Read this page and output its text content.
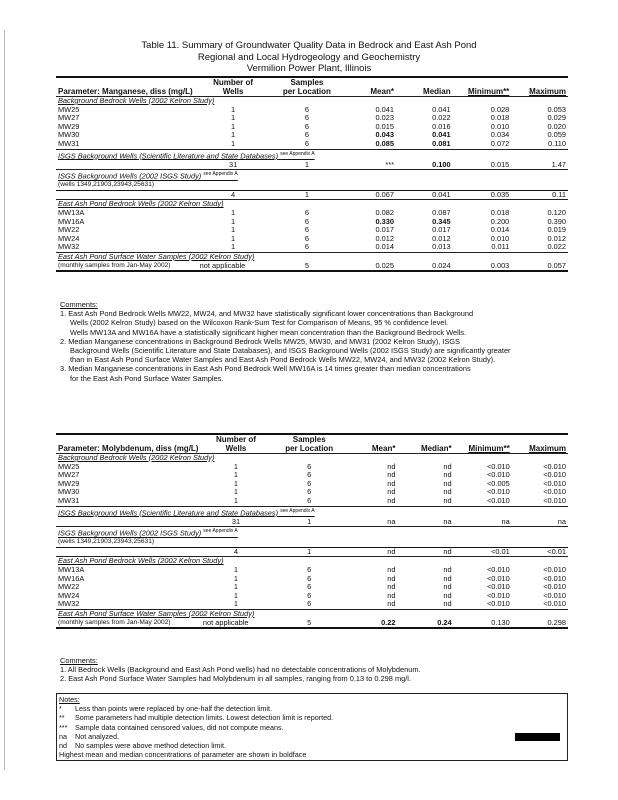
Table 11. Summary of Groundwater Quality Data in Bedrock and East Ash Pond
Regional and Local Hydrogeology and Geochemistry
Vermilion Power Plant, Illinois
	Number of	Samples				
Parameter: Manganese, diss (mg/L)	Wells	per Location	Mean*	Median	Minimum**	Maximum
Background Bedrock Wells (2002 Kelron Study)						
MW25	1	6	0.041	0.041	0.028	0.053
MW27	1	6	0.023	0.022	0.018	0.029
MW29	1	6	0.015	0.016	0.010	0.020
MW30	1	6	0.043	0.041	0.034	0.059
MW31	1	6	0.085	0.081	0.072	0.110
ISGS Background Wells (Scientific Literature and State Databases) $^{see Appendix A}$
	31	1	***	0.100	0.015	1.47
ISGS Background Wells (2002 ISGS Study) $^{see Appendix A}$
(wells 1349,21903,23943,25631)						
	4	1	0.067	0.041	0.035	0.11
East Ash Pond Bedrock Wells (2002 Kelron Study)						
MW13A	1	6	0.082	0.087	0.018	0.120
MW16A	1	6	0.330	0.345	0.200	0.390
MW22	1	6	0.017	0.017	0.014	0.019
MW24	1	6	0.012	0.012	0.010	0.012
MW32	1	6	0.014	0.013	0.011	0.022
East Ash Pond Surface Water Samples (2002 Kelron Study)						
(monthly samples from Jan-May 2002)	not applicable	5	0.025	0.024	0.003	0.057
Comments:
1. East Ash Pond Bedrock Wells MW22, MW24, and MW32 have statistically significant lower concentrations than Background
Wells (2002 Kelron Study) based on the Wilcoxon Rank-Sum Test for Comparison of Means, 95 % confidence level.
Wells MW13A and MW16A have a statistically significant higher mean concentration than the Background Bedrock Wells.
2. Median Manganese concentrations in Background Bedrock Wells MW25, MW30, and MW31 (2002 Kelron Study), ISGS
Background Wells (Scientific Literature and State Databases), and ISGS Background Wells (2002 ISGS Study) are significantly greater
than in East Ash Pond Surface Water Samples and East Ash Pond Bedrock Wells MW22, MW24, and MW32 (2002 Kelron Study).
3. Median Manganese concentrations in East Ash Pond Bedrock Well MW16A is 14 times greater than median concentrations
for the East Ash Pond Surface Water Samples.
	Number of	Samples				
Parameter: Molybdenum, diss (mg/L)	Wells	per Location	Mean*	Median*	Minimum**	Maximum
Background Bedrock Wells (2002 Kelron Study)						
MW25	1	6	nd	nd	<0.010	<0.010
MW27	1	6	nd	nd	<0.010	<0.010
MW29	1	6	nd	nd	<0.005	<0.010
MW30	1	6	nd	nd	<0.010	<0.010
MW31	1	6	nd	nd	<0.010	<0.010
ISGS Background Wells (Scientific Literature and State Databases) $^{see Appendix A}$
	31	1	na	na	na	na
ISGS Background Wells (2002 ISGS Study) $^{see Appendix A}$
(wells 1349,21903,23943,25631)						
	4	1	nd	nd	<0.01	<0.01
East Ash Pond Bedrock Wells (2002 Kelron Study)						
MW13A	1	6	nd	nd	<0.010	<0.010
MW16A	1	6	nd	nd	<0.010	<0.010
MW22	1	6	nd	nd	<0.010	<0.010
MW24	1	6	nd	nd	<0.010	<0.010
MW32	1	6	nd	nd	<0.010	<0.010
East Ash Pond Surface Water Samples (2002 Kelron Study)						
(monthly samples from Jan-May 2002)	not applicable	5	0.22	0.24	0.130	0.298
Comments:
1. All Bedrock Wells (Background and East Ash Pond wells) had no detectable concentrations of Molybdenum.
2. East Ash Pond Surface Water Samples had Molybdenum in all samples, ranging from 0.13 to 0.298 mg/l.
Notes:
* Less than points were replaced by one-half the detection limit.
** Some parameters had multiple detection limits. Lowest detection limit is reported.
*** Sample data contained censored values, did not compute means.
na Not analyzed.
nd No samples were above method detection limit.
Highest mean and median concentrations of parameter are shown in boldface
